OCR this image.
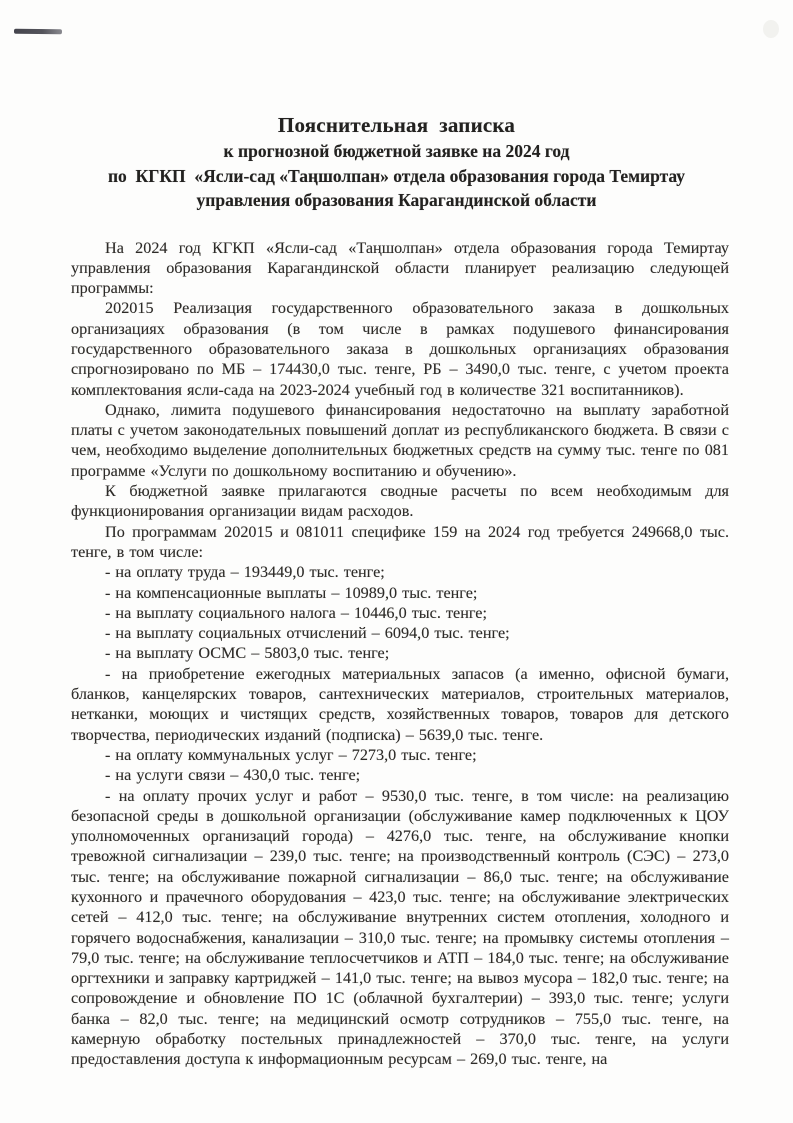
Пояснительная  записка

к прогнозной бюджетной заявке на 2024 год

по  КГКП  «Ясли-сад «Таңшолпан» отдела образования города Темиртау

управления образования Карагандинской области

На 2024 год КГКП «Ясли-сад «Таңшолпан» отдела образования города Темиртау управления образования Карагандинской области планирует реализацию следующей программы:

202015 Реализация государственного образовательного заказа в дошкольных организациях образования (в том числе в рамках подушевого финансирования государственного образовательного заказа в дошкольных организациях образования спрогнозировано по МБ – 174430,0 тыс. тенге, РБ – 3490,0 тыс. тенге, с учетом проекта комплектования ясли-сада на 2023-2024 учебный год в количестве 321 воспитанников).

Однако, лимита подушевого финансирования недостаточно на выплату заработной платы с учетом законодательных повышений доплат из республиканского бюджета. В связи с чем, необходимо выделение дополнительных бюджетных средств на сумму тыс. тенге по 081 программе «Услуги по дошкольному воспитанию и обучению».

К бюджетной заявке прилагаются сводные расчеты по всем необходимым для функционирования организации видам расходов.

По программам 202015 и 081011 специфике 159 на 2024 год требуется 249668,0 тыс. тенге, в том числе:

- на оплату труда – 193449,0 тыс. тенге;

- на компенсационные выплаты – 10989,0 тыс. тенге;

- на выплату социального налога – 10446,0 тыс. тенге;

- на выплату социальных отчислений – 6094,0 тыс. тенге;

- на выплату ОСМС – 5803,0 тыс. тенге;

- на приобретение ежегодных материальных запасов (а именно, офисной бумаги, бланков, канцелярских товаров, сантехнических материалов, строительных материалов, нетканки, моющих и чистящих средств, хозяйственных товаров, товаров для детского творчества, периодических изданий (подписка) – 5639,0 тыс. тенге.

- на оплату коммунальных услуг – 7273,0 тыс. тенге;

- на услуги связи – 430,0 тыс. тенге;

- на оплату прочих услуг и работ – 9530,0 тыс. тенге, в том числе: на реализацию безопасной среды в дошкольной организации (обслуживание камер подключенных к ЦОУ уполномоченных организаций города) – 4276,0 тыс. тенге, на обслуживание кнопки тревожной сигнализации – 239,0 тыс. тенге; на производственный контроль (СЭС) – 273,0 тыс. тенге; на обслуживание пожарной сигнализации – 86,0 тыс. тенге; на обслуживание кухонного и прачечного оборудования – 423,0 тыс. тенге; на обслуживание электрических сетей – 412,0 тыс. тенге; на обслуживание внутренних систем отопления, холодного и горячего водоснабжения, канализации – 310,0 тыс. тенге; на промывку системы отопления – 79,0 тыс. тенге; на обслуживание теплосчетчиков и АТП – 184,0 тыс. тенге; на обслуживание оргтехники и заправку картриджей – 141,0 тыс. тенге; на вывоз мусора – 182,0 тыс. тенге; на сопровождение и обновление ПО 1С (облачной бухгалтерии) – 393,0 тыс. тенге; услуги банка – 82,0 тыс. тенге; на медицинский осмотр сотрудников – 755,0 тыс. тенге, на камерную обработку постельных принадлежностей – 370,0 тыс. тенге, на услуги предоставления доступа к информационным ресурсам – 269,0 тыс. тенге, на
